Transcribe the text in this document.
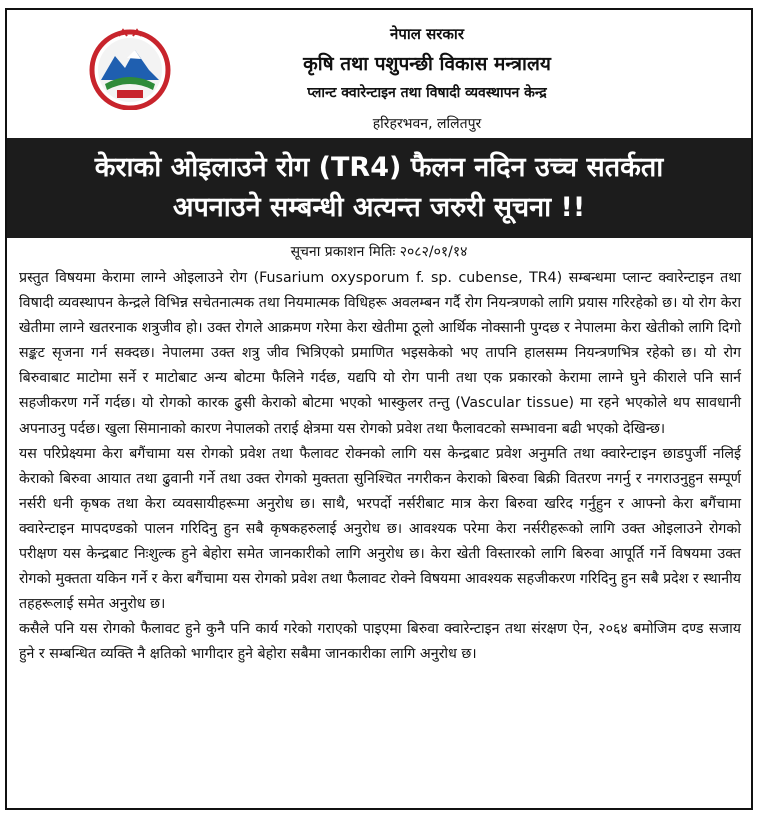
नेपाल सरकार
कृषि तथा पशुपन्छी विकास मन्त्रालय
प्लान्ट क्वारेन्टाइन तथा विषादी व्यवस्थापन केन्द्र
हरिहरभवन, ललितपुर
केराको ओइलाउने रोग (TR4) फैलन नदिन उच्च सतर्कता
अपनाउने सम्बन्धी अत्यन्त जरुरी सूचना !!
सूचना प्रकाशन मितिः २०८२/०१/१४

प्रस्तुत विषयमा केरामा लाग्ने ओइलाउने रोग (Fusarium oxysporum f. sp. cubense, TR4) सम्बन्धमा प्लान्ट क्वारेन्टाइन तथा विषादी व्यवस्थापन केन्द्रले विभिन्न सचेतनात्मक तथा नियमात्मक विधिहरू अवलम्बन गर्दै रोग नियन्त्रणको लागि प्रयास गरिरहेको छ। यो रोग केरा खेतीमा लाग्ने खतरनाक शत्रुजीव हो। उक्त रोगले आक्रमण गरेमा केरा खेतीमा ठूलो आर्थिक नोक्सानी पुग्दछ र नेपालमा केरा खेतीको लागि दिगो सङ्कट सृजना गर्न सक्दछ। नेपालमा उक्त शत्रु जीव भित्रिएको प्रमाणित भइसकेको भए तापनि हालसम्म नियन्त्रणभित्र रहेको छ। यो रोग बिरुवाबाट माटोमा सर्ने र माटोबाट अन्य बोटमा फैलिने गर्दछ, यद्यपि यो रोग पानी तथा एक प्रकारको केरामा लाग्ने घुने कीराले पनि सार्न सहजीकरण गर्ने गर्दछ। यो रोगको कारक ढुसी केराको बोटमा भएको भास्कुलर तन्तु (Vascular tissue) मा रहने भएकोले थप सावधानी अपनाउनु पर्दछ। खुला सिमानाको कारण नेपालको तराई क्षेत्रमा यस रोगको प्रवेश तथा फैलावटको सम्भावना बढी भएको देखिन्छ।

यस परिप्रेक्ष्यमा केरा बगैंचामा यस रोगको प्रवेश तथा फैलावट रोक्नको लागि यस केन्द्रबाट प्रवेश अनुमति तथा क्वारेन्टाइन छाडपुर्जी नलिई केराको बिरुवा आयात तथा ढुवानी गर्ने तथा उक्त रोगको मुक्तता सुनिश्चित नगरीकन केराको बिरुवा बिक्री वितरण नगर्नु र नगराउनुहुन सम्पूर्ण नर्सरी धनी कृषक तथा केरा व्यवसायीहरूमा अनुरोध छ। साथै, भरपर्दो नर्सरीबाट मात्र केरा बिरुवा खरिद गर्नुहुन र आफ्नो केरा बगैंचामा क्वारेन्टाइन मापदण्डको पालन गरिदिनु हुन सबै कृषकहरुलाई अनुरोध छ। आवश्यक परेमा केरा नर्सरीहरूको लागि उक्त ओइलाउने रोगको परीक्षण यस केन्द्रबाट निःशुल्क हुने बेहोरा समेत जानकारीको लागि अनुरोध छ। केरा खेती विस्तारको लागि बिरुवा आपूर्ति गर्ने विषयमा उक्त रोगको मुक्तता यकिन गर्ने र केरा बगैंचामा यस रोगको प्रवेश तथा फैलावट रोक्ने विषयमा आवश्यक सहजीकरण गरिदिनु हुन सबै प्रदेश र स्थानीय तहहरूलाई समेत अनुरोध छ।

कसैले पनि यस रोगको फैलावट हुने कुनै पनि कार्य गरेको गराएको पाइएमा बिरुवा क्वारेन्टाइन तथा संरक्षण ऐन, २०६४ बमोजिम दण्ड सजाय हुने र सम्बन्धित व्यक्ति नै क्षतिको भागीदार हुने बेहोरा सबैमा जानकारीका लागि अनुरोध छ।
